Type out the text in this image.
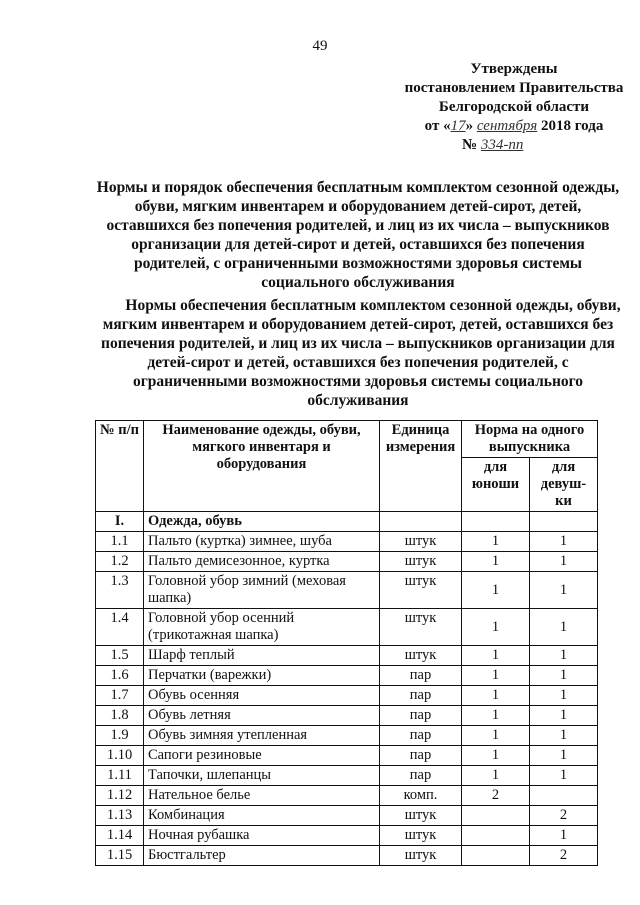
49
Утверждены
постановлением Правительства
Белгородской области
от «17» сентября 2018 года
№ 334-пп
Нормы и порядок обеспечения бесплатным комплектом сезонной одежды, обуви, мягким инвентарем и оборудованием детей-сирот, детей, оставшихся без попечения родителей, и лиц из их числа – выпускников организации для детей-сирот и детей, оставшихся без попечения родителей, с ограниченными возможностями здоровья системы социального обслуживания
Нормы обеспечения бесплатным комплектом сезонной одежды, обуви, мягким инвентарем и оборудованием детей-сирот, детей, оставшихся без попечения родителей, и лиц из их числа – выпускников организации для детей-сирот и детей, оставшихся без попечения родителей, с ограниченными возможностями здоровья системы социального обслуживания
№ п/п	Наименование одежды, обуви, мягкого инвентаря и оборудования	Единица измерения	Норма на одного выпускника	
			для юноши	для девуш-ки
I.	Одежда, обувь			
1.1	Пальто (куртка) зимнее, шуба	штук	1	1
1.2	Пальто демисезонное, куртка	штук	1	1
1.3	Головной убор зимний (меховая шапка)	штук	1	1
1.4	Головной убор осенний (трикотажная шапка)	штук	1	1
1.5	Шарф теплый	штук	1	1
1.6	Перчатки (варежки)	пар	1	1
1.7	Обувь осенняя	пар	1	1
1.8	Обувь летняя	пар	1	1
1.9	Обувь зимняя утепленная	пар	1	1
1.10	Сапоги резиновые	пар	1	1
1.11	Тапочки, шлепанцы	пар	1	1
1.12	Нательное белье	комп.	2	
1.13	Комбинация	штук		2
1.14	Ночная рубашка	штук		1
1.15	Бюстгальтер	штук		2
